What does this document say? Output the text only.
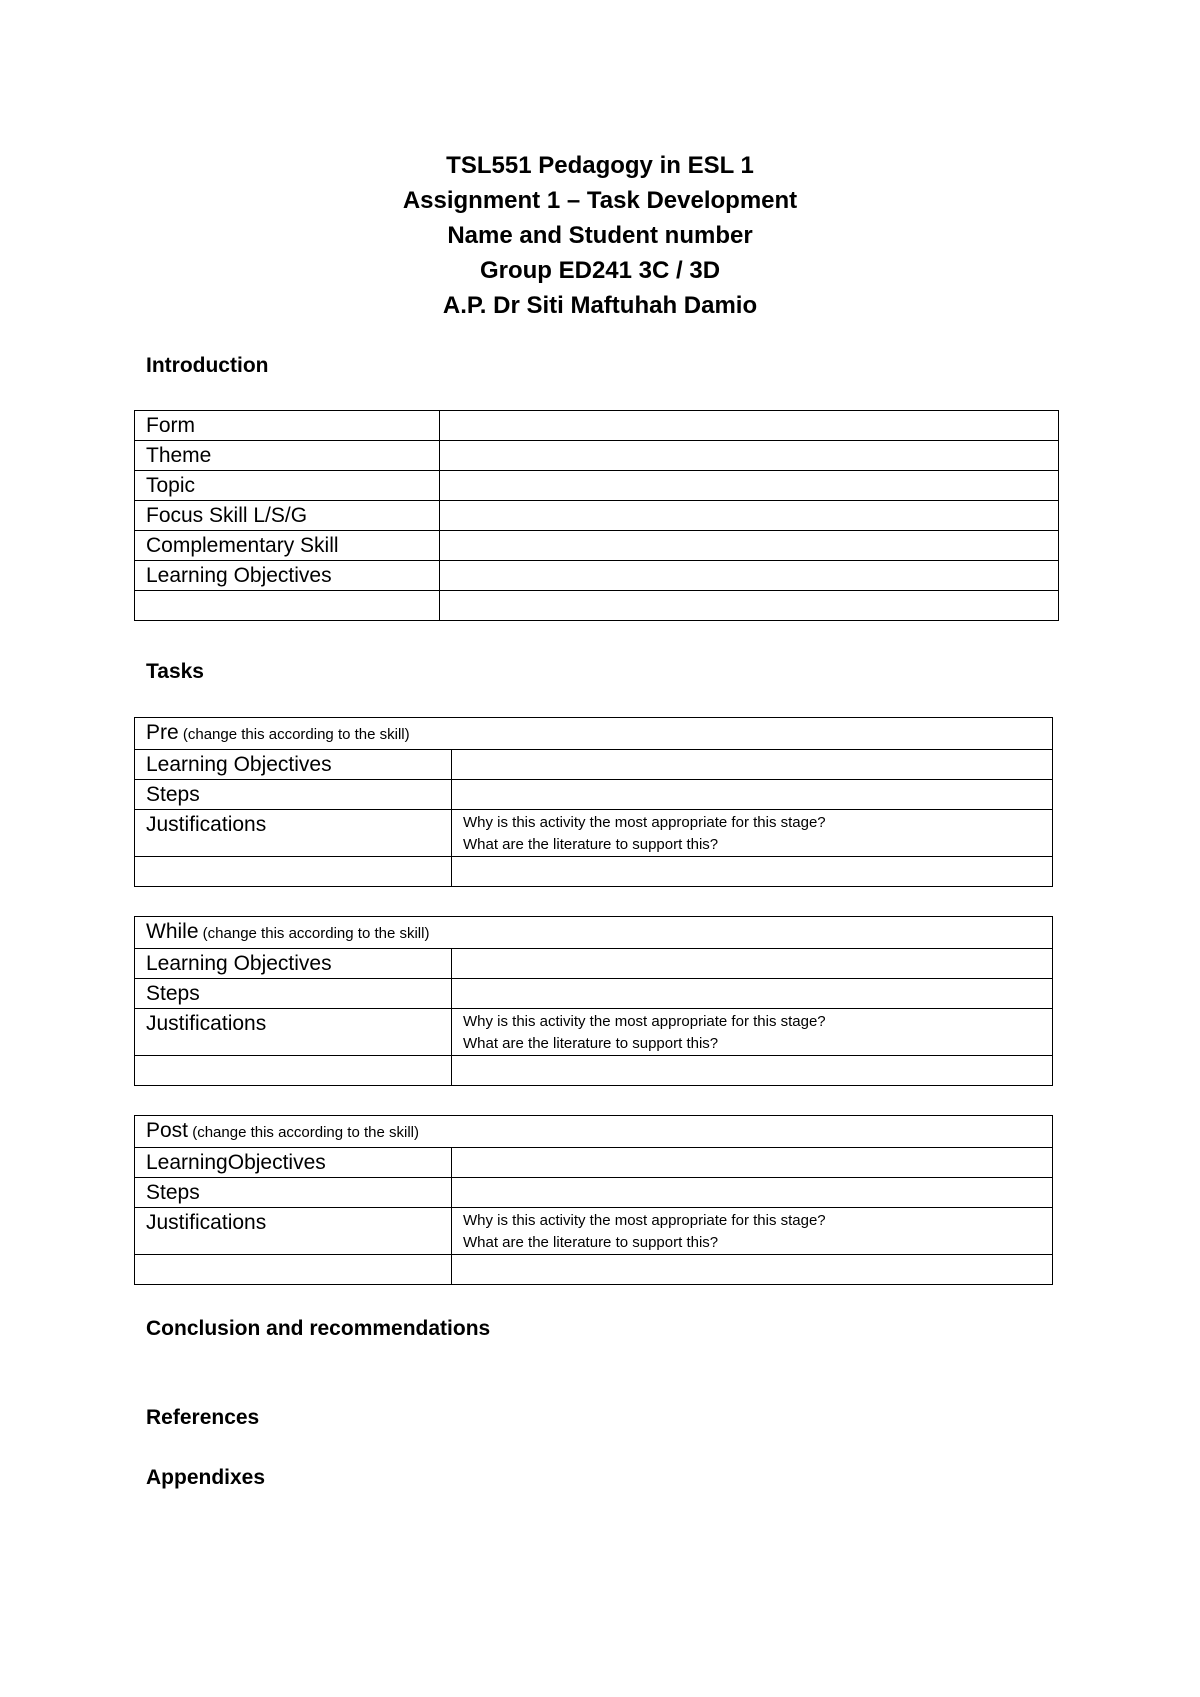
TSL551 Pedagogy in ESL 1
Assignment 1 – Task Development
Name and Student number
Group ED241 3C / 3D
A.P. Dr Siti Maftuhah Damio
Introduction
Form	
Theme	
Topic	
Focus Skill L/S/G	
Complementary Skill	
Learning Objectives	

Tasks
Pre (change this according to the skill)	
Learning Objectives	
Steps	
Justifications	Why is this activity the most appropriate for this stage?
What are the literature to support this?

While (change this according to the skill)	
Learning Objectives	
Steps	
Justifications	Why is this activity the most appropriate for this stage?
What are the literature to support this?

Post (change this according to the skill)	
LearningObjectives	
Steps	
Justifications	Why is this activity the most appropriate for this stage?
What are the literature to support this?

Conclusion and recommendations
References
Appendixes
